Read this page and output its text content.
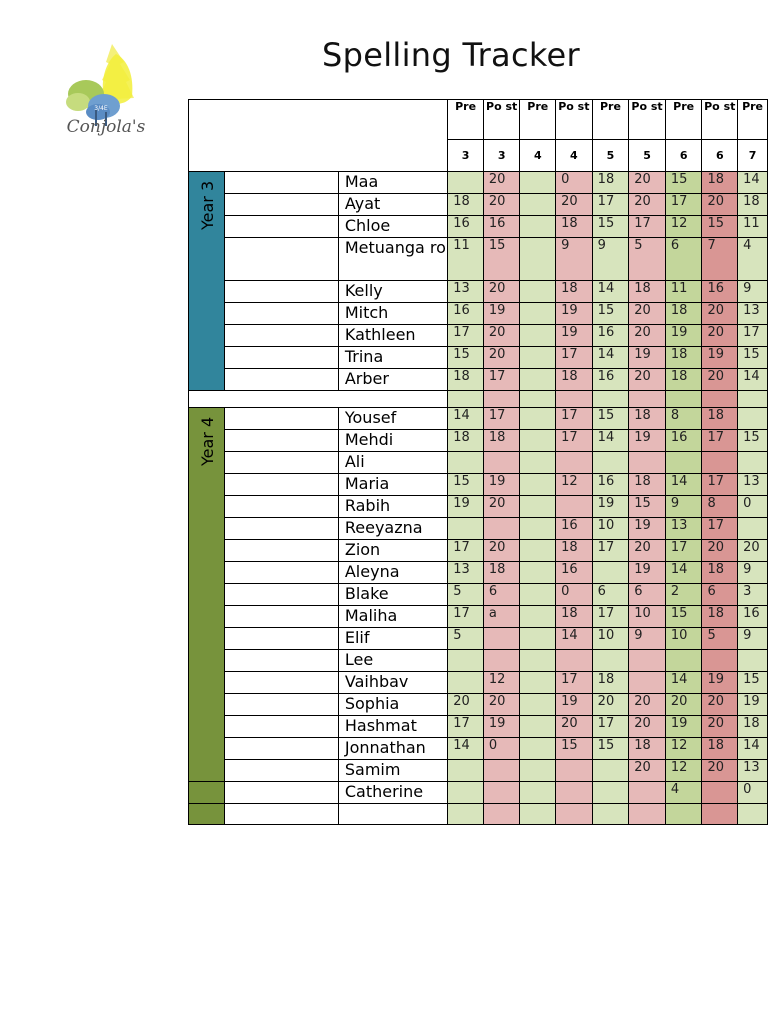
3/4E
Conjola's
Spelling Tracker
			Pre	Po st	Pre	Po st	Pre	Po st	Pre	Po st	Pre
			3	3	4	4	5	5	6	6	7

Year 3		Maa		20		0	18	20	15	18	14
		Ayat	18	20		20	17	20	17	20	18
		Chloe	16	16		18	15	17	12	15	11
		Metuanga ro	11	15		9	9	5	6	7	4
		Kelly	13	20		18	14	18	11	16	9
		Mitch	16	19		19	15	20	18	20	13
		Kathleen	17	20		19	16	20	19	20	17
		Trina	15	20		17	14	19	18	19	15
		Arber	18	17		18	16	20	18	20	14

Year 4		Yousef	14	17		17	15	18	8	18	
		Mehdi	18	18		17	14	19	16	17	15
		Ali									
		Maria	15	19		12	16	18	14	17	13
		Rabih	19	20			19	15	9	8	0
		Reeyazna				16	10	19	13	17	
		Zion	17	20		18	17	20	17	20	20
		Aleyna	13	18		16		19	14	18	9
		Blake	5	6		0	6	6	2	6	3
		Maliha	17	a		18	17	10	15	18	16
		Elif	5			14	10	9	10	5	9
		Lee									
		Vaihbav		12		17	18		14	19	15
		Sophia	20	20		19	20	20	20	20	19
		Hashmat	17	19		20	17	20	19	20	18
		Jonnathan	14	0		15	15	18	12	18	14
		Samim						20	12	20	13
		Catherine							4		0
